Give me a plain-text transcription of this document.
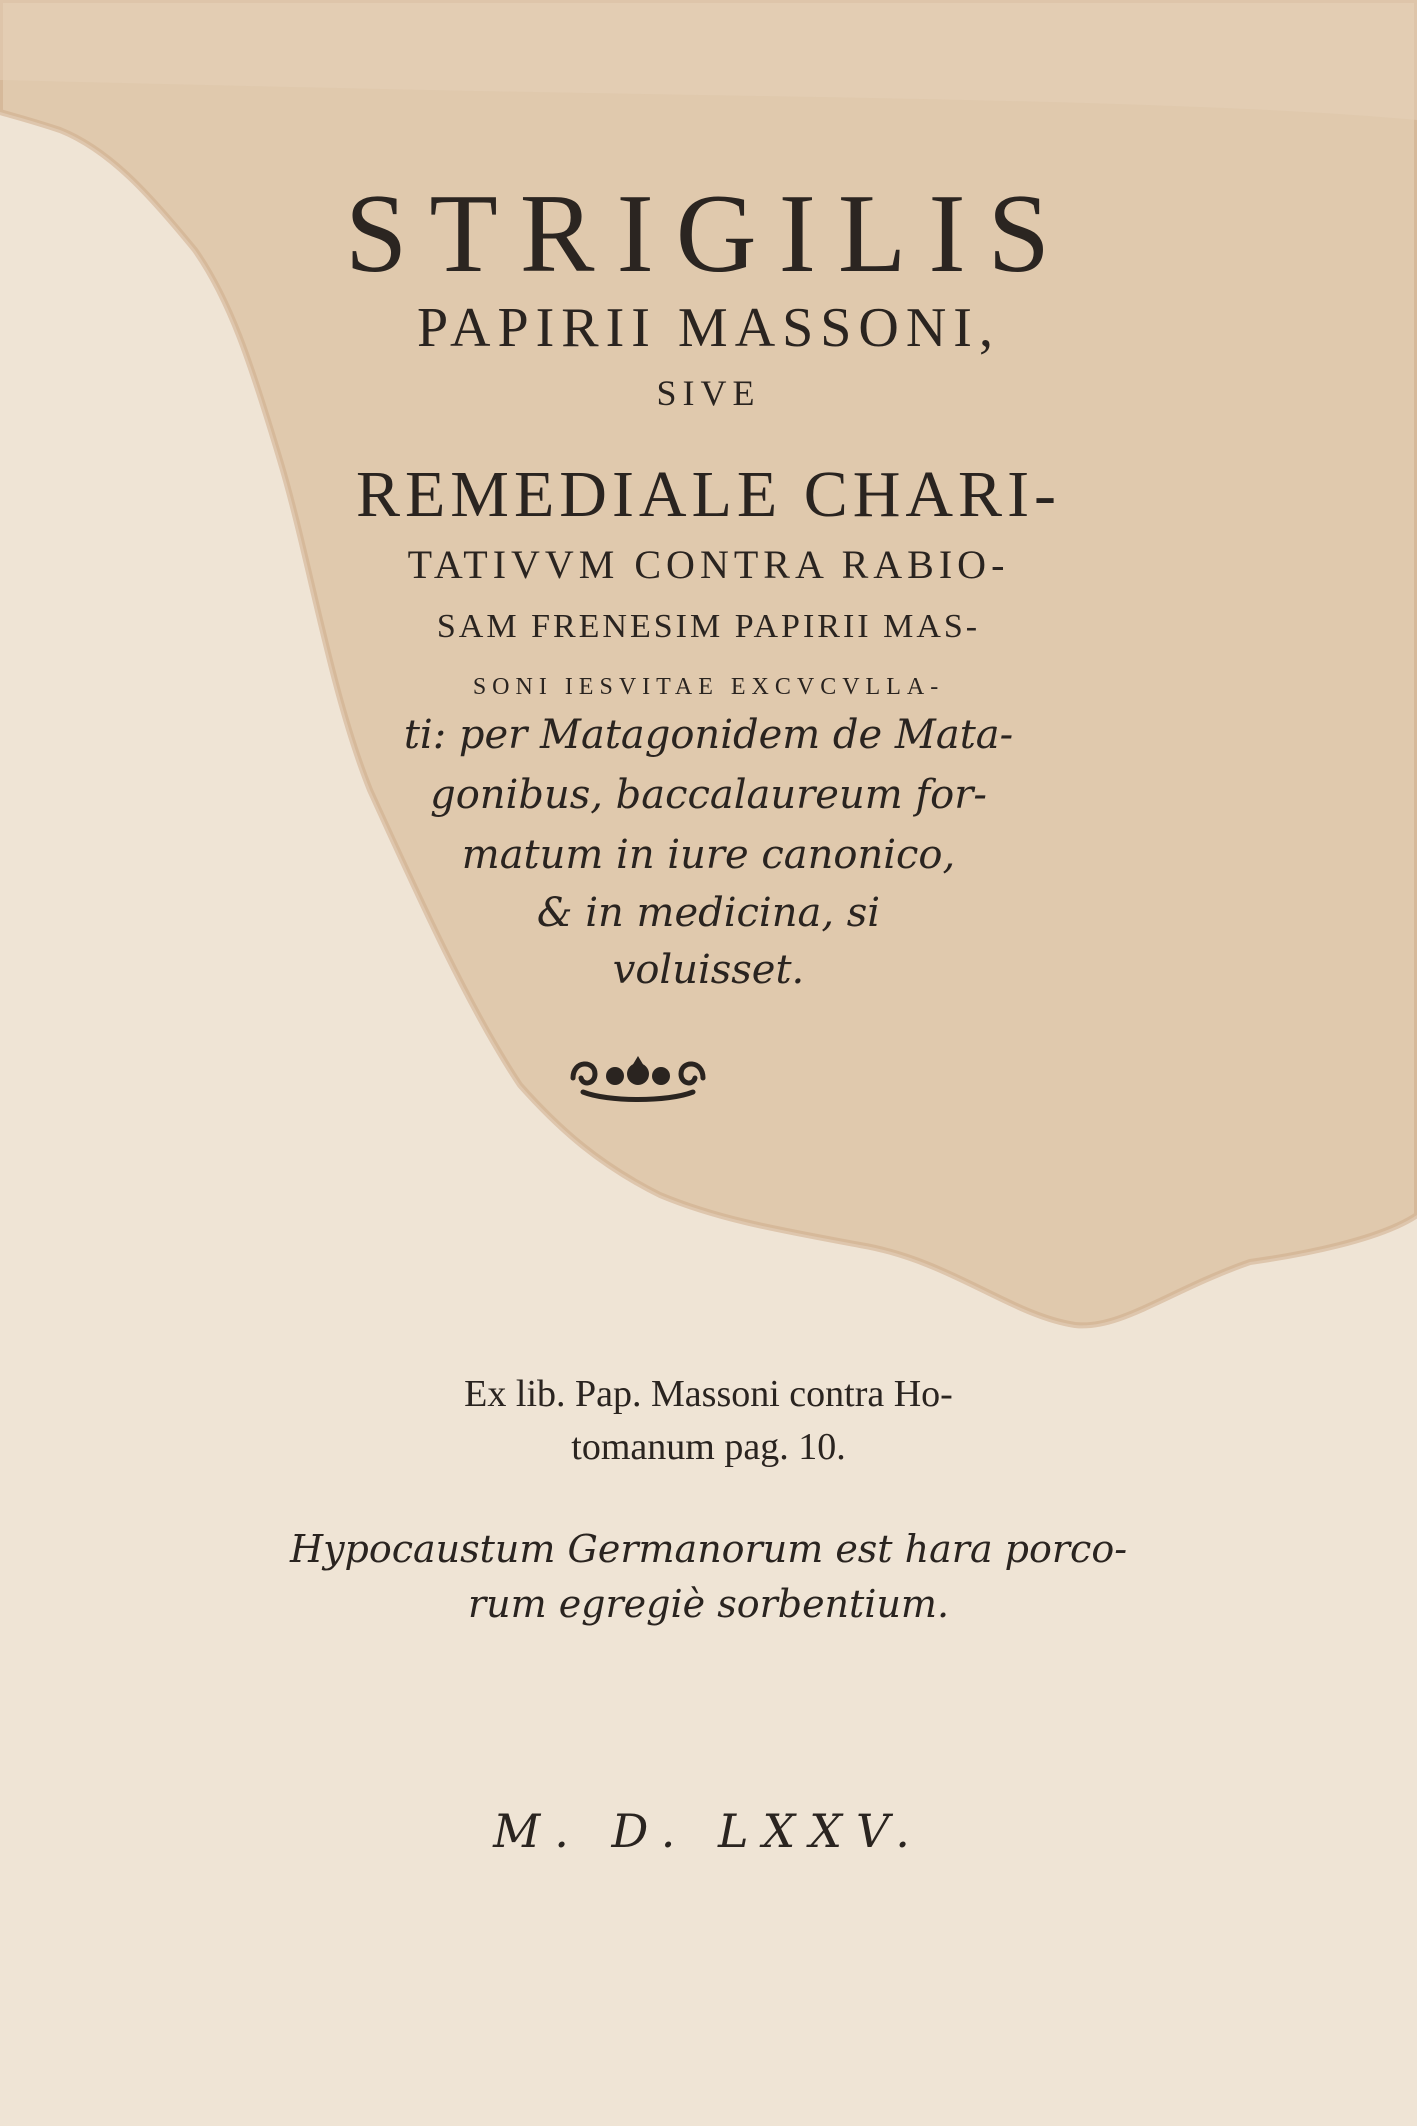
STRIGILIS
PAPIRII MASSONI,
SIVE
REMEDIALE CHARI-
TATIVVM CONTRA RABIO-
SAM FRENESIM PAPIRII MAS-
SONI IESVITAE EXCVCVLLA-
ti: per Matagonidem de Mata-
gonibus, baccalaureum for-
matum in iure canonico,
& in medicina, si
voluisset.
Ex lib. Pap. Massoni contra Ho-
tomanum pag. 10.
Hypocaustum Germanorum est hara porco-
rum egregiè sorbentium.
M. D. LXXV.
